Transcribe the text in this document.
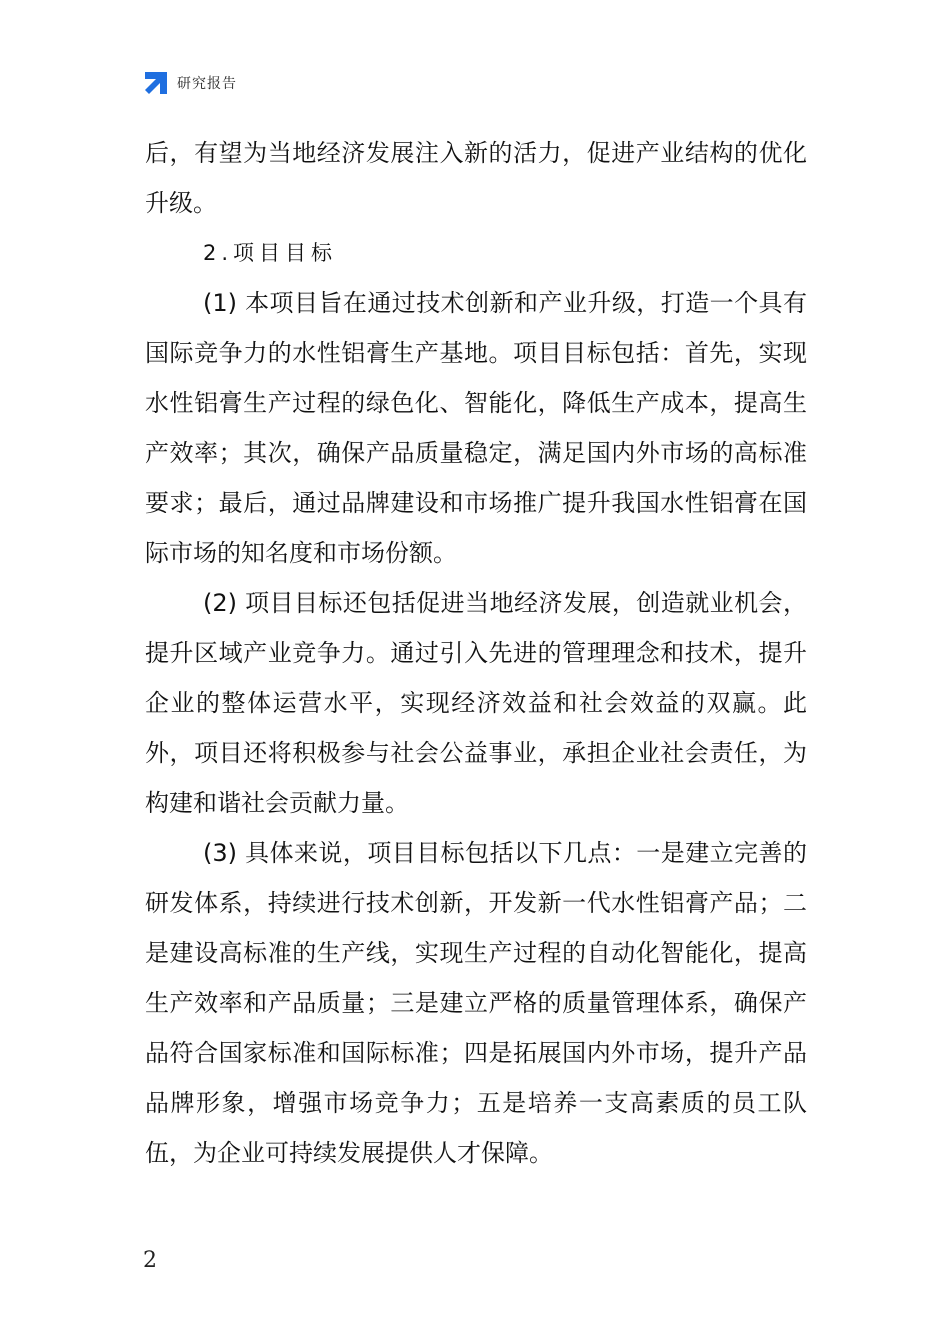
研究报告

后，有望为当地经济发展注入新的活力，促进产业结构的优化升级。

2.项目目标

(1) 本项目旨在通过技术创新和产业升级，打造一个具有国际竞争力的水性铝膏生产基地。项目目标包括：首先，实现水性铝膏生产过程的绿色化、智能化，降低生产成本，提高生产效率；其次，确保产品质量稳定，满足国内外市场的高标准要求；最后，通过品牌建设和市场推广提升我国水性铝膏在国际市场的知名度和市场份额。

(2) 项目目标还包括促进当地经济发展，创造就业机会，提升区域产业竞争力。通过引入先进的管理理念和技术，提升企业的整体运营水平，实现经济效益和社会效益的双赢。此外，项目还将积极参与社会公益事业，承担企业社会责任，为构建和谐社会贡献力量。

(3) 具体来说，项目目标包括以下几点：一是建立完善的研发体系，持续进行技术创新，开发新一代水性铝膏产品；二是建设高标准的生产线，实现生产过程的自动化智能化，提高生产效率和产品质量；三是建立严格的质量管理体系，确保产品符合国家标准和国际标准；四是拓展国内外市场，提升产品品牌形象，增强市场竞争力；五是培养一支高素质的员工队伍，为企业可持续发展提供人才保障。

2
